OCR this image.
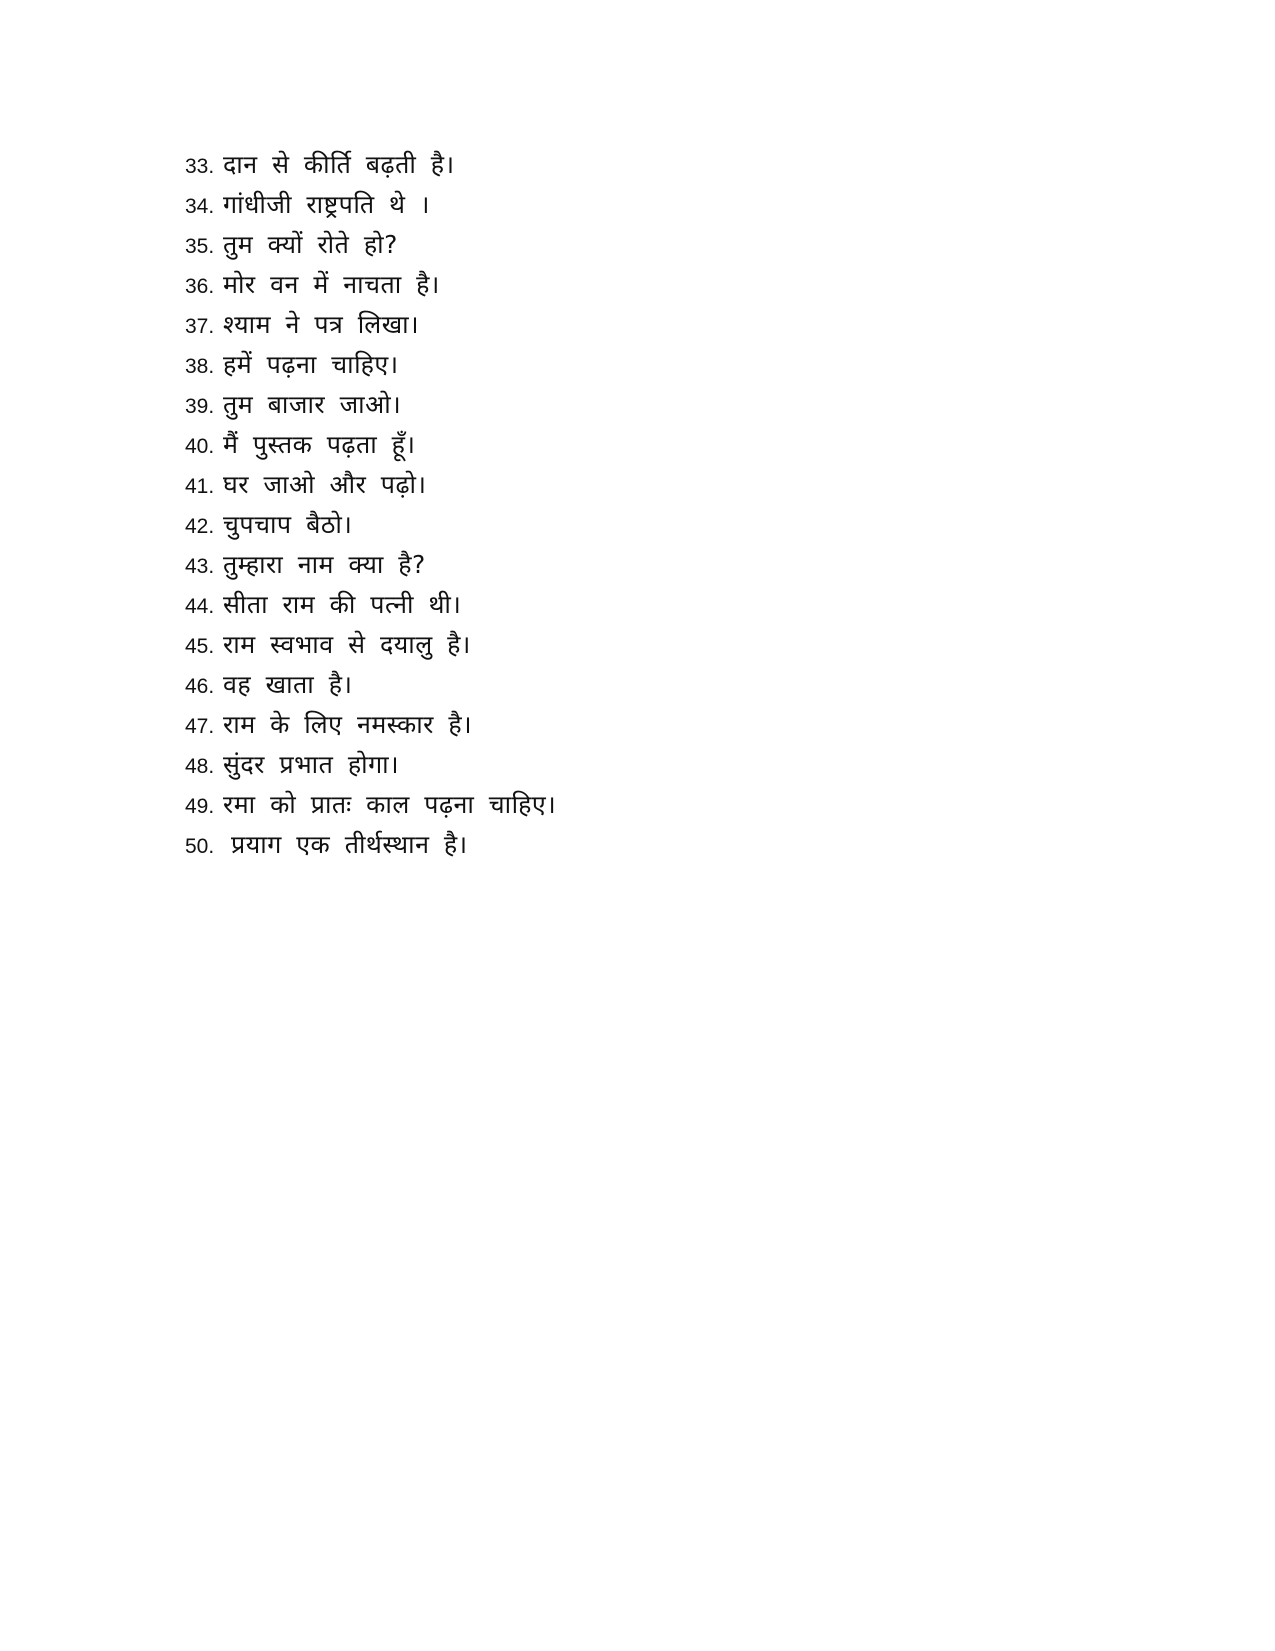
33. दान से कीर्ति बढ़ती है।
34. गांधीजी राष्ट्रपति थे ।
35. तुम क्यों रोते हो?
36. मोर वन में नाचता है।
37. श्याम ने पत्र लिखा।
38. हमें पढ़ना चाहिए।
39. तुम बाजार जाओ।
40. मैं पुस्तक पढ़ता हूँ।
41. घर जाओ और पढ़ो।
42. चुपचाप बैठो।
43. तुम्हारा नाम क्या है?
44. सीता राम की पत्नी थी।
45. राम स्वभाव से दयालु है।
46. वह खाता है।
47. राम के लिए नमस्कार है।
48. सुंदर प्रभात होगा।
49. रमा को प्रातः काल पढ़ना चाहिए।
50. प्रयाग एक तीर्थस्थान है।
